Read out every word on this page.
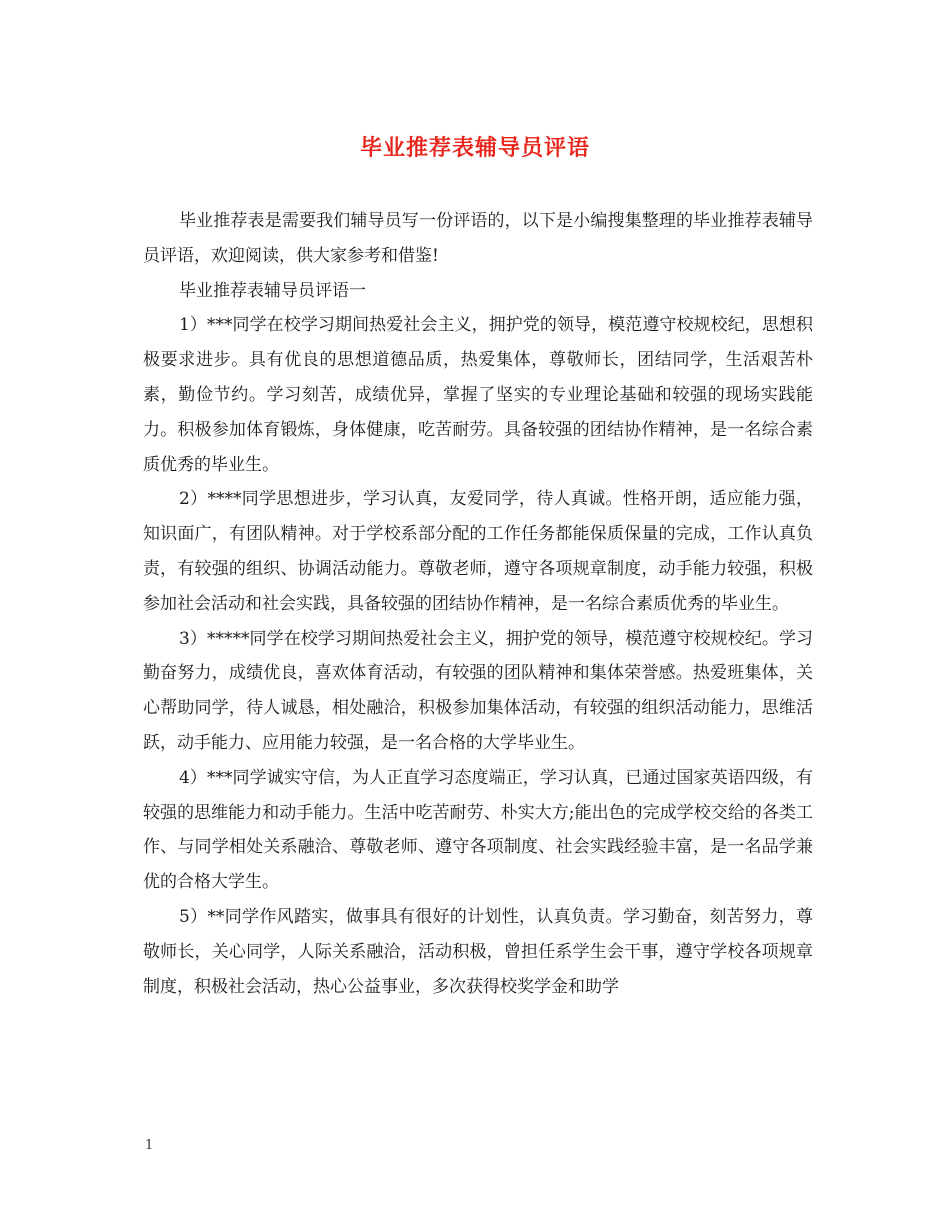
毕业推荐表辅导员评语

毕业推荐表是需要我们辅导员写一份评语的，以下是小编搜集整理的毕业推荐表辅导员评语，欢迎阅读，供大家参考和借鉴!

毕业推荐表辅导员评语一

1）***同学在校学习期间热爱社会主义，拥护党的领导，模范遵守校规校纪，思想积极要求进步。具有优良的思想道德品质，热爱集体，尊敬师长，团结同学，生活艰苦朴素，勤俭节约。学习刻苦，成绩优异，掌握了坚实的专业理论基础和较强的现场实践能力。积极参加体育锻炼，身体健康，吃苦耐劳。具备较强的团结协作精神，是一名综合素质优秀的毕业生。

2）****同学思想进步，学习认真，友爱同学，待人真诚。性格开朗，适应能力强，知识面广，有团队精神。对于学校系部分配的工作任务都能保质保量的完成，工作认真负责，有较强的组织、协调活动能力。尊敬老师，遵守各项规章制度，动手能力较强，积极参加社会活动和社会实践，具备较强的团结协作精神，是一名综合素质优秀的毕业生。

3）*****同学在校学习期间热爱社会主义，拥护党的领导，模范遵守校规校纪。学习勤奋努力，成绩优良，喜欢体育活动，有较强的团队精神和集体荣誉感。热爱班集体，关心帮助同学，待人诚恳，相处融洽，积极参加集体活动，有较强的组织活动能力，思维活跃，动手能力、应用能力较强，是一名合格的大学毕业生。

4）***同学诚实守信，为人正直学习态度端正，学习认真，已通过国家英语四级，有较强的思维能力和动手能力。生活中吃苦耐劳、朴实大方;能出色的完成学校交给的各类工作、与同学相处关系融洽、尊敬老师、遵守各项制度、社会实践经验丰富，是一名品学兼优的合格大学生。

5）**同学作风踏实，做事具有很好的计划性，认真负责。学习勤奋，刻苦努力，尊敬师长，关心同学，人际关系融洽，活动积极，曾担任系学生会干事，遵守学校各项规章制度，积极社会活动，热心公益事业，多次获得校奖学金和助学

1
